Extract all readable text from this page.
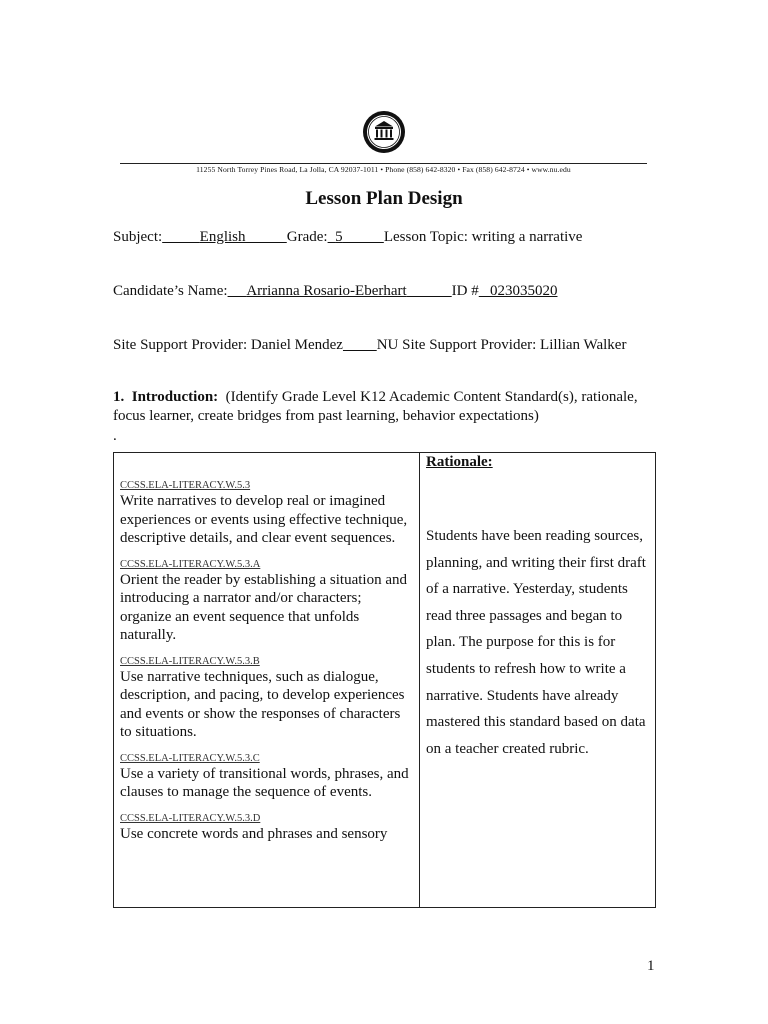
11255 North Torrey Pines Road, La Jolla, CA 92037-1011 • Phone (858) 642-8320 • Fax (858) 642-8724 • www.nu.edu
Lesson Plan Design
Subject:	English	Grade: 5	Lesson Topic: writing a narrative
Candidate’s Name: Arrianna Rosario-Eberhart	ID # 023035020
Site Support Provider: Daniel Mendez NU Site Support Provider: Lillian Walker
1. Introduction: (Identify Grade Level K12 Academic Content Standard(s), rationale, focus learner, create bridges from past learning, behavior expectations)
.
CCSS.ELA-LITERACY.W.5.3
Write narratives to develop real or imagined experiences or events using effective technique, descriptive details, and clear event sequences.
CCSS.ELA-LITERACY.W.5.3.A
Orient the reader by establishing a situation and introducing a narrator and/or characters; organize an event sequence that unfolds naturally.
CCSS.ELA-LITERACY.W.5.3.B
Use narrative techniques, such as dialogue, description, and pacing, to develop experiences and events or show the responses of characters to situations.
CCSS.ELA-LITERACY.W.5.3.C
Use a variety of transitional words, phrases, and clauses to manage the sequence of events.
CCSS.ELA-LITERACY.W.5.3.D
Use concrete words and phrases and sensory

Rationale:
Students have been reading sources, planning, and writing their first draft of a narrative. Yesterday, students read three passages and began to plan. The purpose for this is for students to refresh how to write a narrative. Students have already mastered this standard based on data on a teacher created rubric.
1
